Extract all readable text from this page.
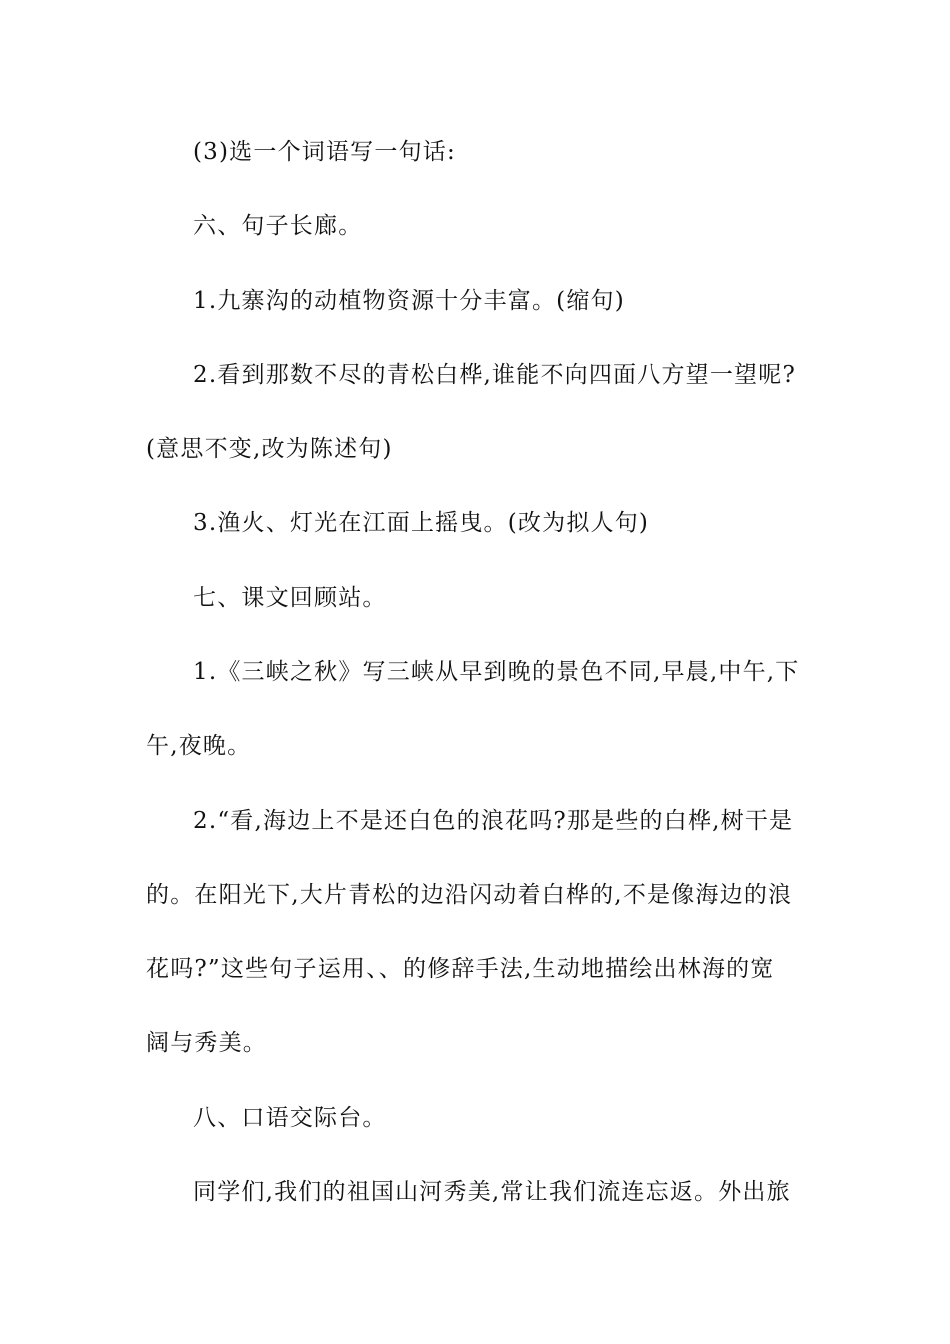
(3)选一个词语写一句话:
六、句子长廊。
1.九寨沟的动植物资源十分丰富。(缩句)
2.看到那数不尽的青松白桦,谁能不向四面八方望一望呢?
(意思不变,改为陈述句)
3.渔火、灯光在江面上摇曳。(改为拟人句)
七、课文回顾站。
1.《三峡之秋》写三峡从早到晚的景色不同,早晨,中午,下
午,夜晚。
2.“看,海边上不是还白色的浪花吗?那是些的白桦,树干是
的。在阳光下,大片青松的边沿闪动着白桦的,不是像海边的浪
花吗?”这些句子运用、、的修辞手法,生动地描绘出林海的宽
阔与秀美。
八、口语交际台。
同学们,我们的祖国山河秀美,常让我们流连忘返。外出旅
